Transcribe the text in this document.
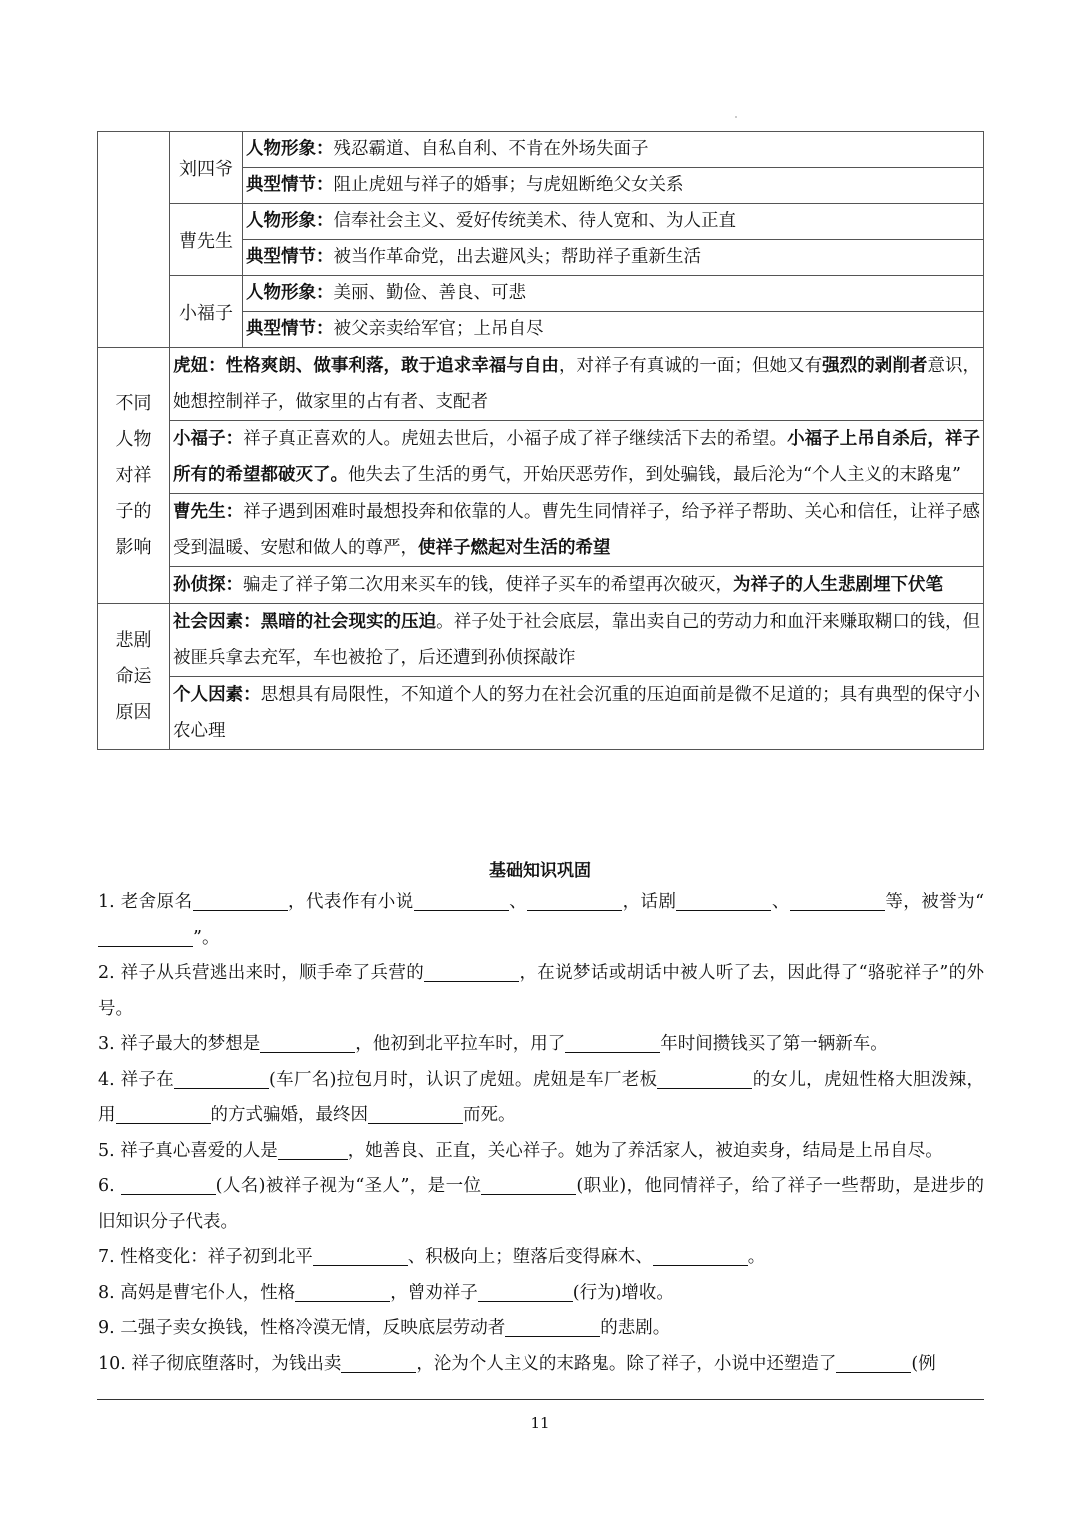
	刘四爷	人物形象：残忍霸道、自私自利、不肯在外场失面子
		典型情节：阻止虎妞与祥子的婚事；与虎妞断绝父女关系
	曹先生	人物形象：信奉社会主义、爱好传统美术、待人宽和、为人正直
		典型情节：被当作革命党，出去避风头；帮助祥子重新生活
	小福子	人物形象：美丽、勤俭、善良、可悲
		典型情节：被父亲卖给军官；上吊自尽

不同
人物
对祥
子的
影响	虎妞：性格爽朗、做事利落，敢于追求幸福与自由，对祥子有真诚的一面；但她又有强烈的剥削者意识，她想控制祥子，做家里的占有者、支配者	
	小福子：祥子真正喜欢的人。虎妞去世后，小福子成了祥子继续活下去的希望。小福子上吊自杀后，祥子所有的希望都破灭了。他失去了生活的勇气，开始厌恶劳作，到处骗钱，最后沦为“个人主义的末路鬼”	
	曹先生：祥子遇到困难时最想投奔和依靠的人。曹先生同情祥子，给予祥子帮助、关心和信任，让祥子感受到温暖、安慰和做人的尊严，使祥子燃起对生活的希望	
	孙侦探：骗走了祥子第二次用来买车的钱，使祥子买车的希望再次破灭，为祥子的人生悲剧埋下伏笔	

悲剧
命运
原因	社会因素：黑暗的社会现实的压迫。祥子处于社会底层，靠出卖自己的劳动力和血汗来赚取糊口的钱，但被匪兵拿去充军，车也被抢了，后还遭到孙侦探敲诈	
	个人因素：思想具有局限性，不知道个人的努力在社会沉重的压迫面前是微不足道的；具有典型的保守小农心理	
基础知识巩固

1. 老舍原名	，代表作有小说	、	，话剧	、	等，被誉为“”。

2. 祥子从兵营逃出来时，顺手牵了兵营的	，在说梦话或胡话中被人听了去，因此得了“骆驼祥子”的外号。

3. 祥子最大的梦想是	，他初到北平拉车时，用了	年时间攒钱买了第一辆新车。

4. 祥子在	(车厂名)拉包月时，认识了虎妞。虎妞是车厂老板	的女儿，虎妞性格大胆泼辣，用	的方式骗婚，最终因	而死。

5. 祥子真心喜爱的人是	，她善良、正直，关心祥子。她为了养活家人，被迫卖身，结局是上吊自尽。

6.	(人名)被祥子视为“圣人”，是一位	(职业)，他同情祥子，给了祥子一些帮助，是进步的旧知识分子代表。

7. 性格变化：祥子初到北平	、积极向上；堕落后变得麻木、	。

8. 高妈是曹宅仆人，性格	，曾劝祥子	(行为)增收。

9. 二强子卖女换钱，性格冷漠无情，反映底层劳动者	的悲剧。

10. 祥子彻底堕落时，为钱出卖	，沦为个人主义的末路鬼。除了祥子，小说中还塑造了	(例

11
